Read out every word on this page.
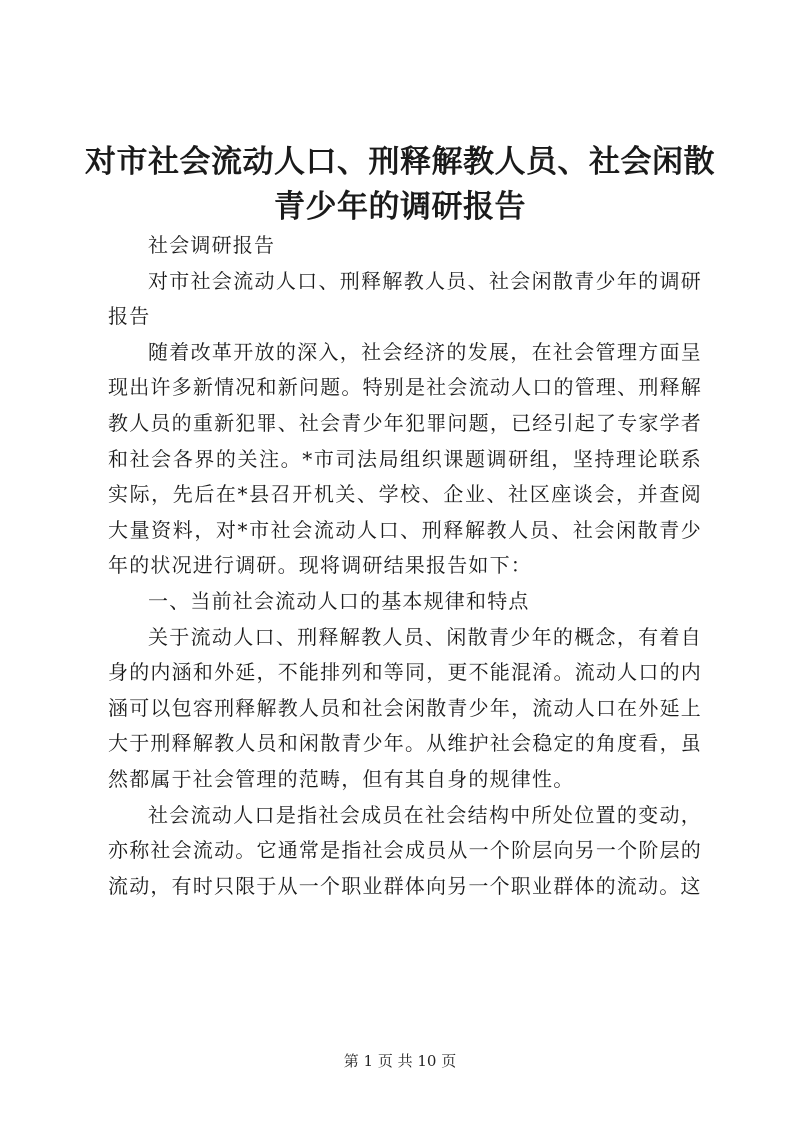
对市社会流动人口、刑释解教人员、社会闲散
青少年的调研报告

社会调研报告

对市社会流动人口、刑释解教人员、社会闲散青少年的调研报告

随着改革开放的深入，社会经济的发展，在社会管理方面呈现出许多新情况和新问题。特别是社会流动人口的管理、刑释解教人员的重新犯罪、社会青少年犯罪问题，已经引起了专家学者和社会各界的关注。*市司法局组织课题调研组，坚持理论联系实际，先后在*县召开机关、学校、企业、社区座谈会，并查阅大量资料，对*市社会流动人口、刑释解教人员、社会闲散青少年的状况进行调研。现将调研结果报告如下：

一、当前社会流动人口的基本规律和特点

关于流动人口、刑释解教人员、闲散青少年的概念，有着自身的内涵和外延，不能排列和等同，更不能混淆。流动人口的内涵可以包容刑释解教人员和社会闲散青少年，流动人口在外延上大于刑释解教人员和闲散青少年。从维护社会稳定的角度看，虽然都属于社会管理的范畴，但有其自身的规律性。

社会流动人口是指社会成员在社会结构中所处位置的变动，亦称社会流动。它通常是指社会成员从一个阶层向另一个阶层的流动，有时只限于从一个职业群体向另一个职业群体的流动。这

第 1 页 共 10 页
